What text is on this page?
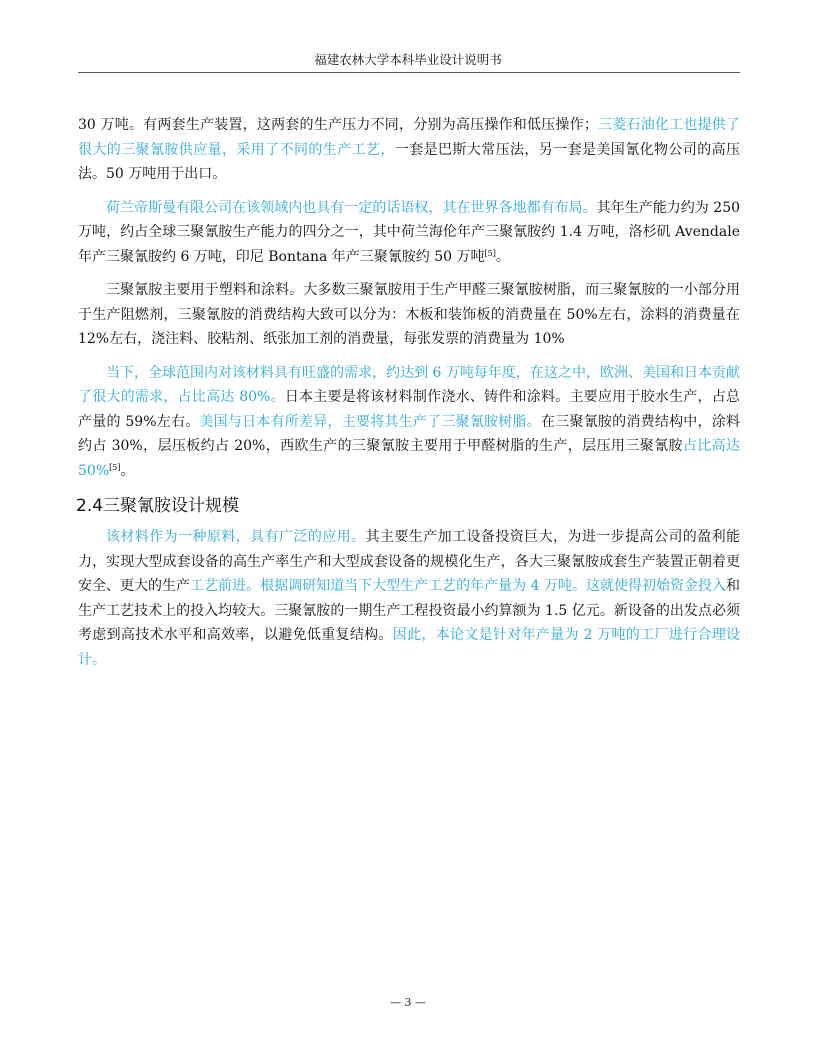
福建农林大学本科毕业设计说明书

30 万吨。有两套生产装置，这两套的生产压力不同，分别为高压操作和低压操作；三菱石油化工也提供了很大的三聚氰胺供应量，采用了不同的生产工艺，一套是巴斯大常压法，另一套是美国氰化物公司的高压法。50 万吨用于出口。

荷兰帝斯曼有限公司在该领域内也具有一定的话语权，其在世界各地都有布局。其年生产能力约为 250 万吨，约占全球三聚氰胺生产能力的四分之一，其中荷兰海伦年产三聚氰胺约 1.4 万吨，洛杉矶 Avendale 年产三聚氰胺约 6 万吨，印尼 Bontana 年产三聚氰胺约 50 万吨[5]。

三聚氰胺主要用于塑料和涂料。大多数三聚氰胺用于生产甲醛三聚氰胺树脂，而三聚氰胺的一小部分用于生产阻燃剂，三聚氰胺的消费结构大致可以分为：木板和装饰板的消费量在 50%左右，涂料的消费量在 12%左右，浇注料、胶粘剂、纸张加工剂的消费量，每张发票的消费量为 10%

当下，全球范围内对该材料具有旺盛的需求，约达到 6 万吨每年度，在这之中，欧洲、美国和日本贡献了很大的需求，占比高达 80%。日本主要是将该材料制作浇水、铸件和涂料。主要应用于胶水生产，占总产量的 59%左右。美国与日本有所差异，主要将其生产了三聚氰胺树脂。在三聚氰胺的消费结构中，涂料约占 30%，层压板约占 20%，西欧生产的三聚氰胺主要用于甲醛树脂的生产，层压用三聚氰胺占比高达 50%[5]。

2.4三聚氰胺设计规模

该材料作为一种原料，具有广泛的应用。其主要生产加工设备投资巨大，为进一步提高公司的盈利能力，实现大型成套设备的高生产率生产和大型成套设备的规模化生产，各大三聚氰胺成套生产装置正朝着更安全、更大的生产工艺前进。根据调研知道当下大型生产工艺的年产量为 4 万吨。这就使得初始资金投入和生产工艺技术上的投入均较大。三聚氰胺的一期生产工程投资最小约算额为 1.5 亿元。新设备的出发点必须考虑到高技术水平和高效率，以避免低重复结构。因此，本论文是针对年产量为 2 万吨的工厂进行合理设计。

— 3 —
